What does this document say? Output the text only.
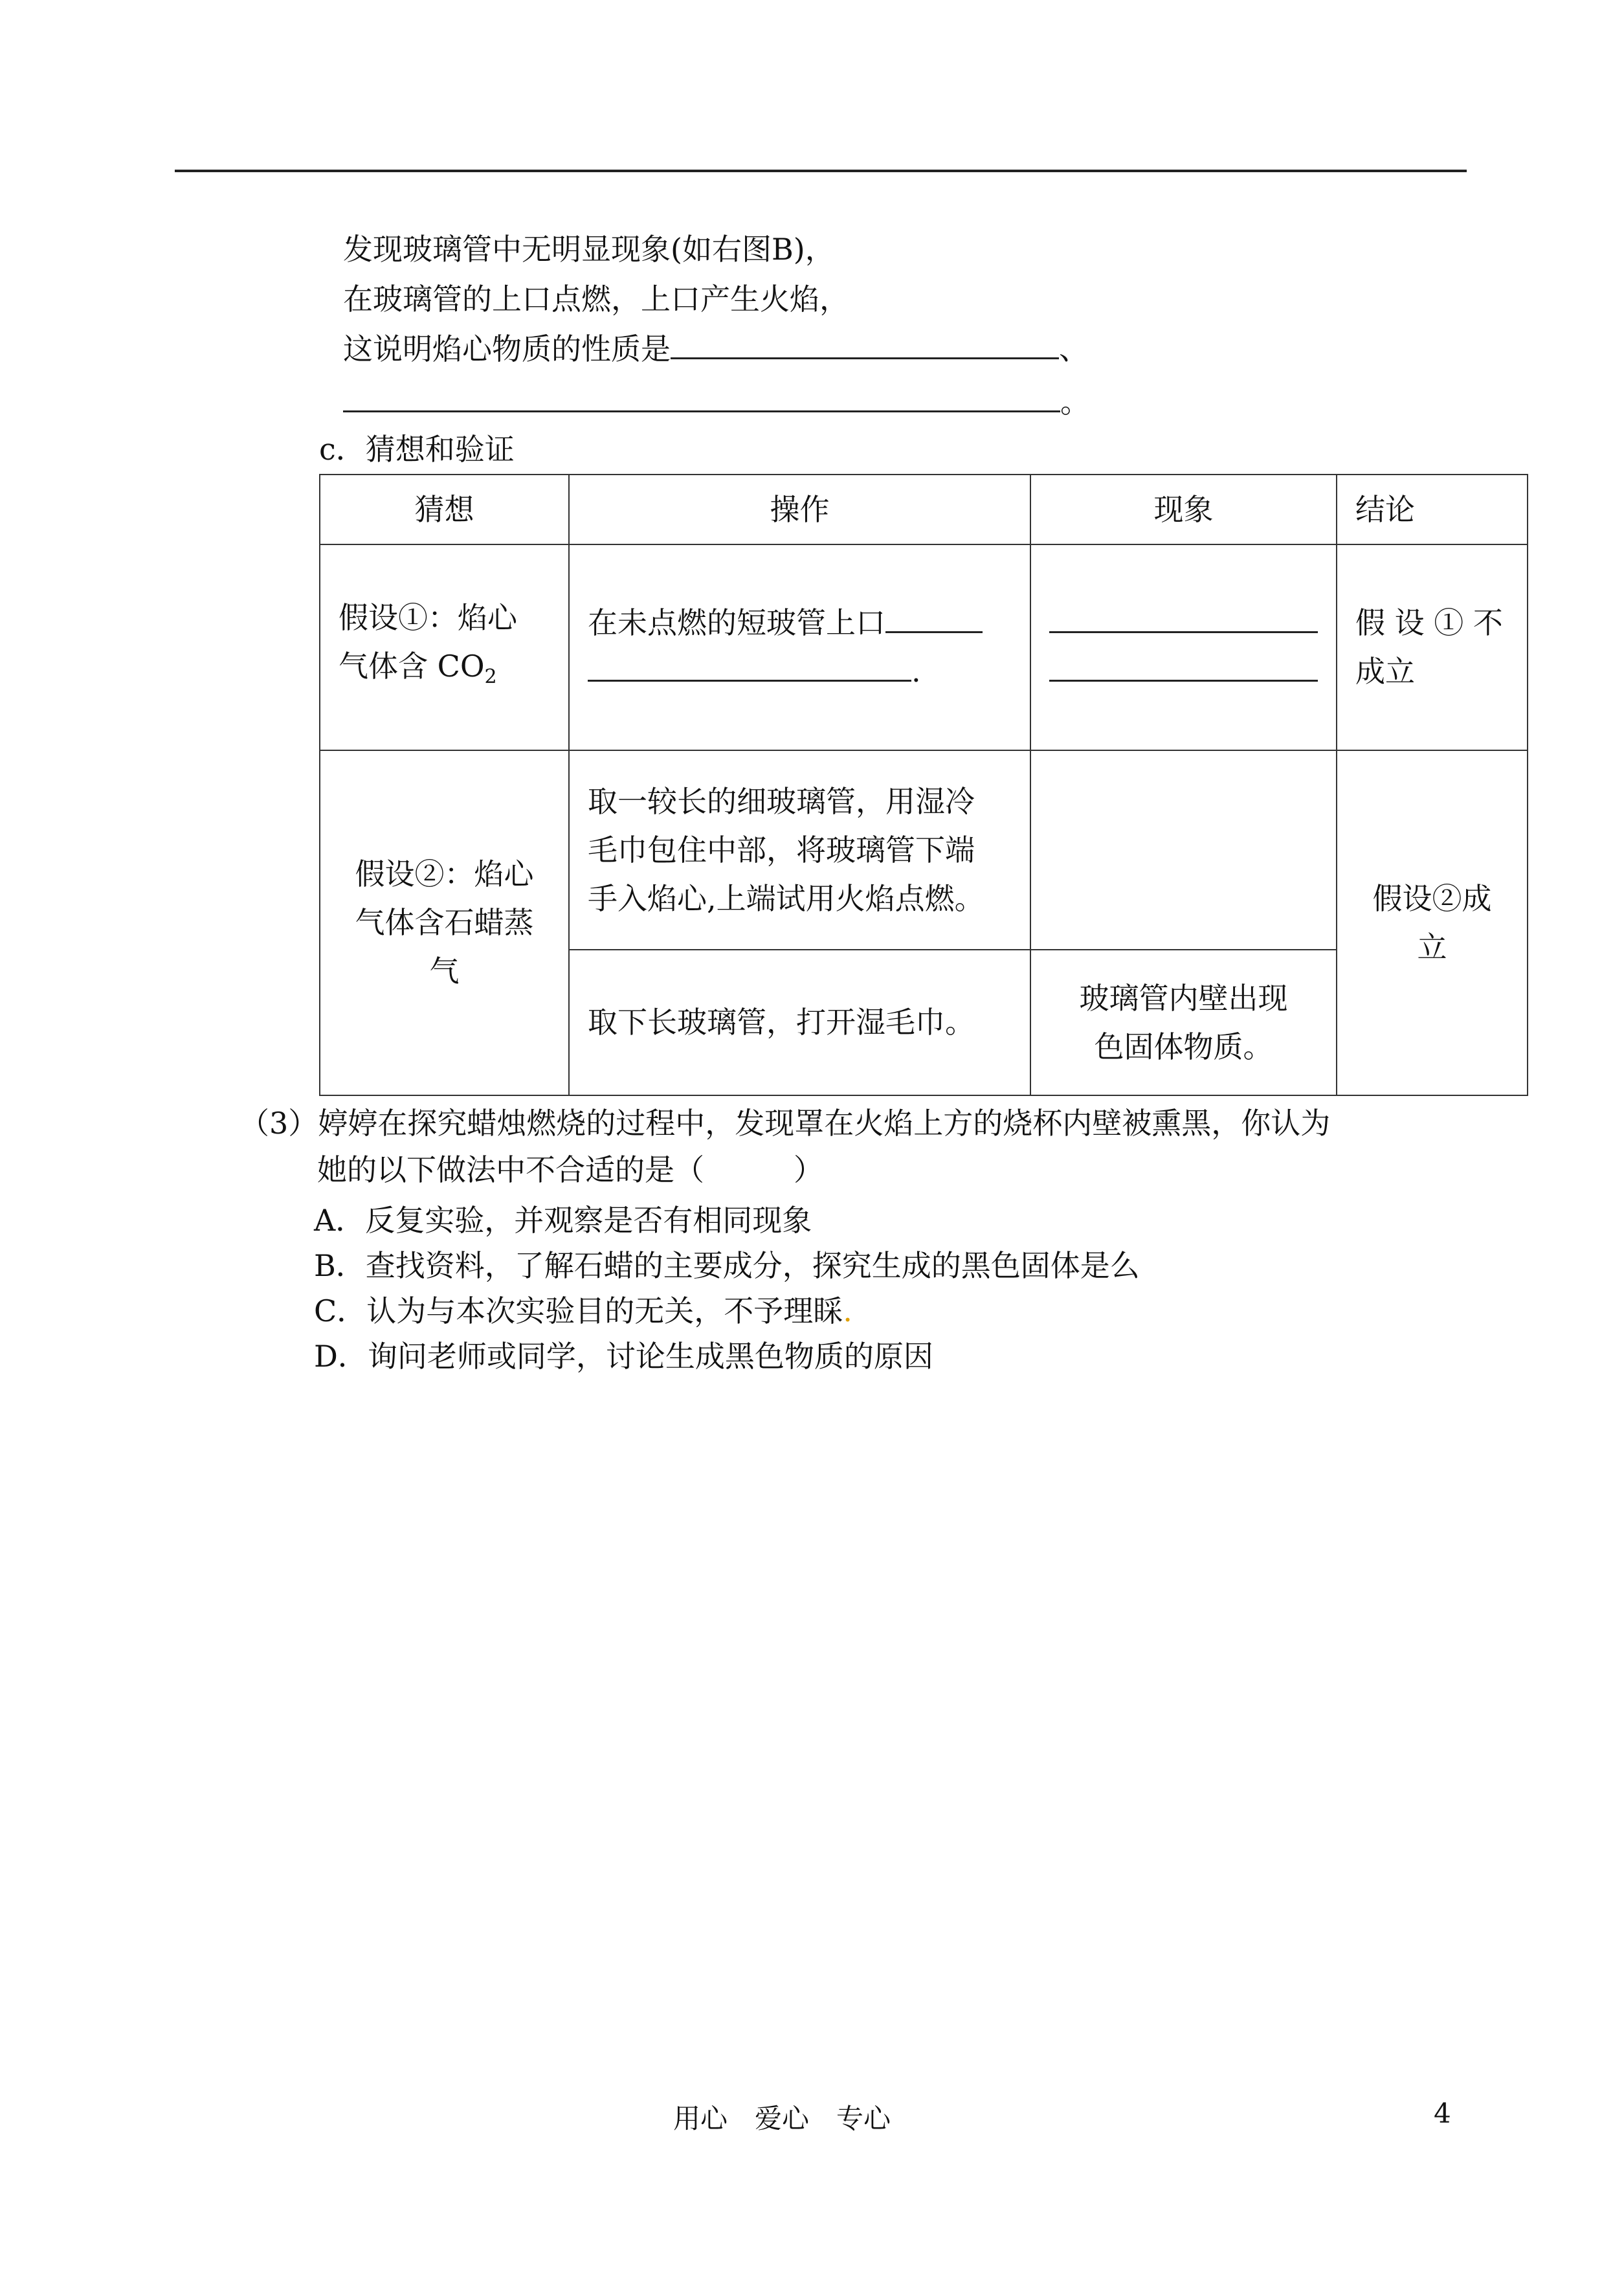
发现玻璃管中无明显现象(如右图B)，
在玻璃管的上口点燃，上口产生火焰，
这说明焰心物质的性质是	、
。
c．猜想和验证
猜想	操作	现象	结论

假设①：焰心
气体含 $CO_2$	在未点燃的短玻管上口
.		假 设 ① 不
成立

假设②：焰心
气体含石蜡蒸
气	取一较长的细玻璃管，用湿冷
毛巾包住中部，将玻璃管下端
手入焰心,上端试用火焰点燃。		假设②成
立

	取下长玻璃管，打开湿毛巾。	玻璃管内壁出现
色固体物质。	
（3）婷婷在探究蜡烛燃烧的过程中，发现罩在火焰上方的烧杯内壁被熏黑，你认为
她的以下做法中不合适的是（　　　）
A．反复实验，并观察是否有相同现象
B．查找资料，了解石蜡的主要成分，探究生成的黑色固体是么
C．认为与本次实验目的无关，不予理睬.
D．询问老师或同学，讨论生成黑色物质的原因
用心　爱心　专心	4
